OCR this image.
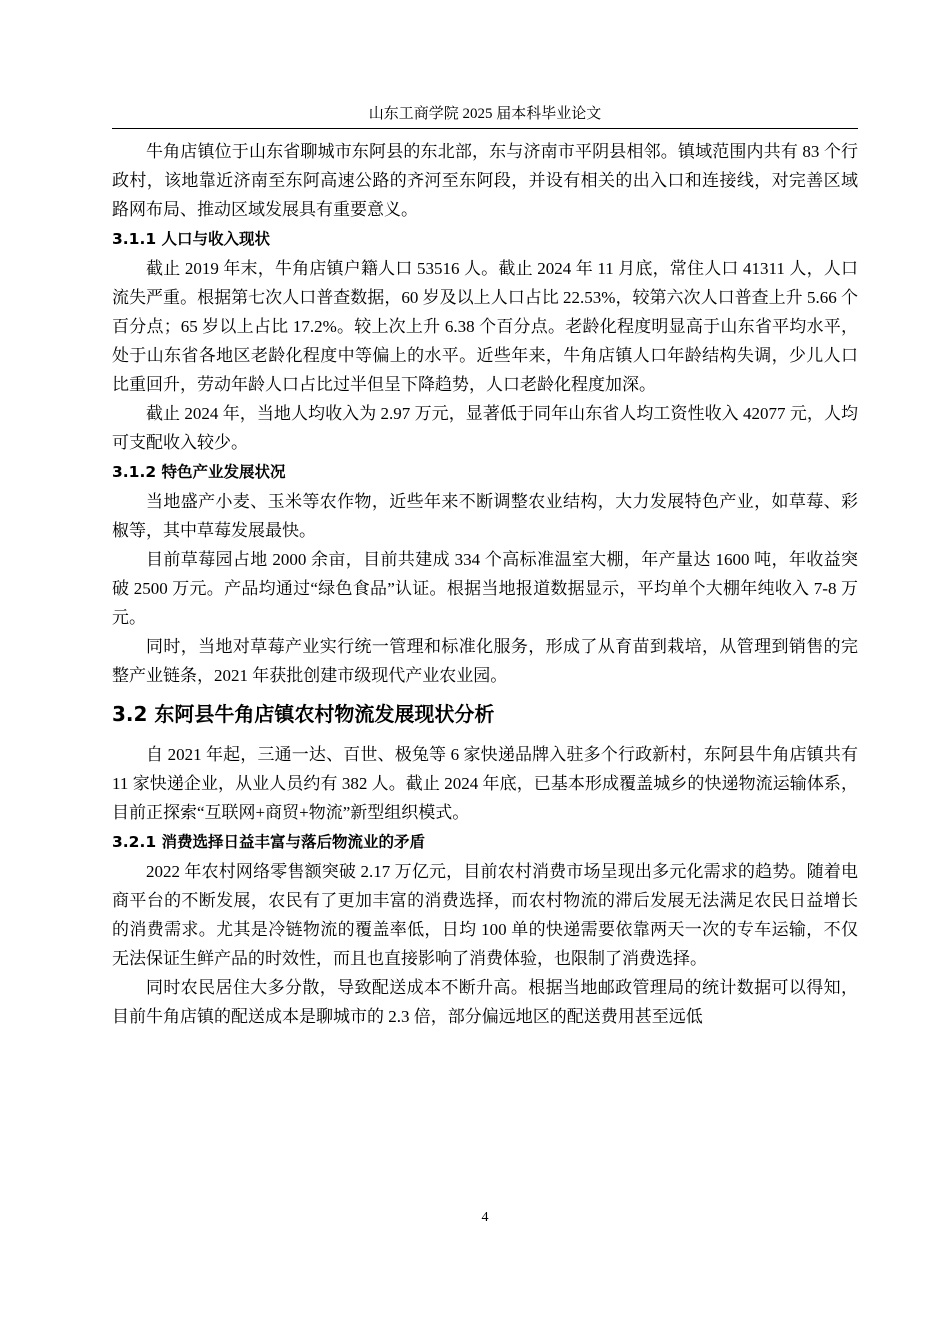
山东工商学院 2025 届本科毕业论文

牛角店镇位于山东省聊城市东阿县的东北部，东与济南市平阴县相邻。镇域范围内共有 83 个行政村，该地靠近济南至东阿高速公路的齐河至东阿段，并设有相关的出入口和连接线，对完善区域路网布局、推动区域发展具有重要意义。

3.1.1 人口与收入现状

截止 2019 年末，牛角店镇户籍人口 53516 人。截止 2024 年 11 月底，常住人口 41311 人，人口流失严重。根据第七次人口普查数据，60 岁及以上人口占比 22.53%，较第六次人口普查上升 5.66 个百分点；65 岁以上占比 17.2%。较上次上升 6.38 个百分点。老龄化程度明显高于山东省平均水平，处于山东省各地区老龄化程度中等偏上的水平。近些年来，牛角店镇人口年龄结构失调，少儿人口比重回升，劳动年龄人口占比过半但呈下降趋势，人口老龄化程度加深。

截止 2024 年，当地人均收入为 2.97 万元，显著低于同年山东省人均工资性收入 42077 元，人均可支配收入较少。

3.1.2 特色产业发展状况

当地盛产小麦、玉米等农作物，近些年来不断调整农业结构，大力发展特色产业，如草莓、彩椒等，其中草莓发展最快。

目前草莓园占地 2000 余亩，目前共建成 334 个高标准温室大棚，年产量达 1600 吨，年收益突破 2500 万元。产品均通过“绿色食品”认证。根据当地报道数据显示，平均单个大棚年纯收入 7-8 万元。

同时，当地对草莓产业实行统一管理和标准化服务，形成了从育苗到栽培，从管理到销售的完整产业链条，2021 年获批创建市级现代产业农业园。

3.2 东阿县牛角店镇农村物流发展现状分析

自 2021 年起，三通一达、百世、极兔等 6 家快递品牌入驻多个行政新村，东阿县牛角店镇共有 11 家快递企业，从业人员约有 382 人。截止 2024 年底，已基本形成覆盖城乡的快递物流运输体系，目前正探索“互联网+商贸+物流”新型组织模式。

3.2.1 消费选择日益丰富与落后物流业的矛盾

2022 年农村网络零售额突破 2.17 万亿元，目前农村消费市场呈现出多元化需求的趋势。随着电商平台的不断发展，农民有了更加丰富的消费选择，而农村物流的滞后发展无法满足农民日益增长的消费需求。尤其是冷链物流的覆盖率低，日均 100 单的快递需要依靠两天一次的专车运输，不仅无法保证生鲜产品的时效性，而且也直接影响了消费体验，也限制了消费选择。

同时农民居住大多分散，导致配送成本不断升高。根据当地邮政管理局的统计数据可以得知，目前牛角店镇的配送成本是聊城市的 2.3 倍，部分偏远地区的配送费用甚至远低

4
